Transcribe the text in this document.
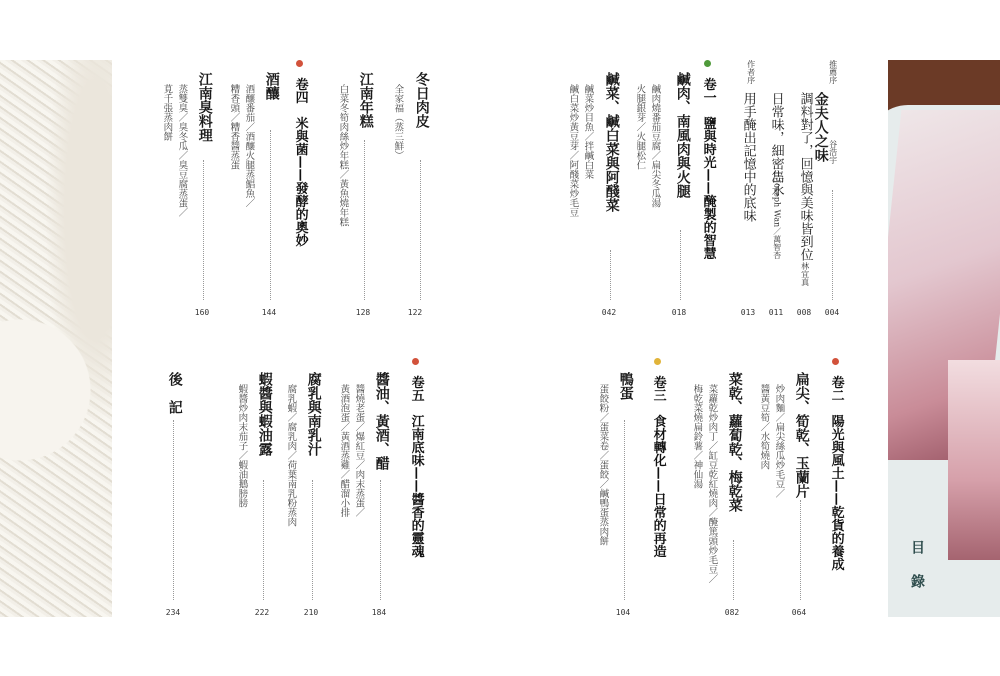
目錄
推薦序
金夫人之味 谷浩宇
004
調料對了，回憶與美味皆到位
林宜真
008
日常味，細密雋永
Joseph Wan／萬智杏
011
作者序
用手醃出記憶中的底味
013
卷一　鹽與時光——醃製的智慧
鹹肉、南風肉與火腿
鹹肉燒番茄豆腐／扁尖冬瓜湯
火腿銀芽／火腿松仁
018
鹹菜、鹹白菜與阿醆菜
鹹菜炒目魚／拌鹹白菜
鹹白菜炒黃豆芽／阿醆菜炒毛豆
042
冬日肉皮
全家福（蒸三鮮）
122
江南年糕
白菜冬筍肉絲炒年糕／黃魚燒年糕
128
卷四　米與菌——發酵的奧妙
酒釀
酒釀番茄／酒釀火腿蒸鯧魚／
糟香頭／糟香醬蒸蛋
144
江南臭料理
蒸雙臭／臭冬瓜／臭豆腐蒸蛋／
莧千張蒸肉餅
160
卷二　陽光與風土——乾貨的養成
扁尖、筍乾、玉蘭片
炒肉麵／扁尖絲瓜炒毛豆／
醬黃豆筍／水筍燒肉
064
菜乾、蘿蔔乾、梅乾菜
菜蘿乾炒肉丁／缸豆乾紅燒肉／醃篤頭炒毛豆／
梅乾菜燒扁鈴薯／神仙湯
082
卷三　食材轉化——日常的再造
鴨蛋
蛋餃粉／蛋菜卷／蛋餃／鹹鴨蛋蒸肉餅
104
卷五　江南底味——醬香的靈魂
醬油、黃酒、醋
醬燒老蛋／爆紅豆／肉末蒸蛋／
黃酒泡蛋／黃酒蒸雞／醋溜小排
184
腐乳與南乳汁
腐乳蝦／腐乳肉／荷葉南乳粉蒸肉
210
蝦醬與蝦油露
蝦醬炒肉末茄子／蝦油鵝膀膀
222
後記
234
